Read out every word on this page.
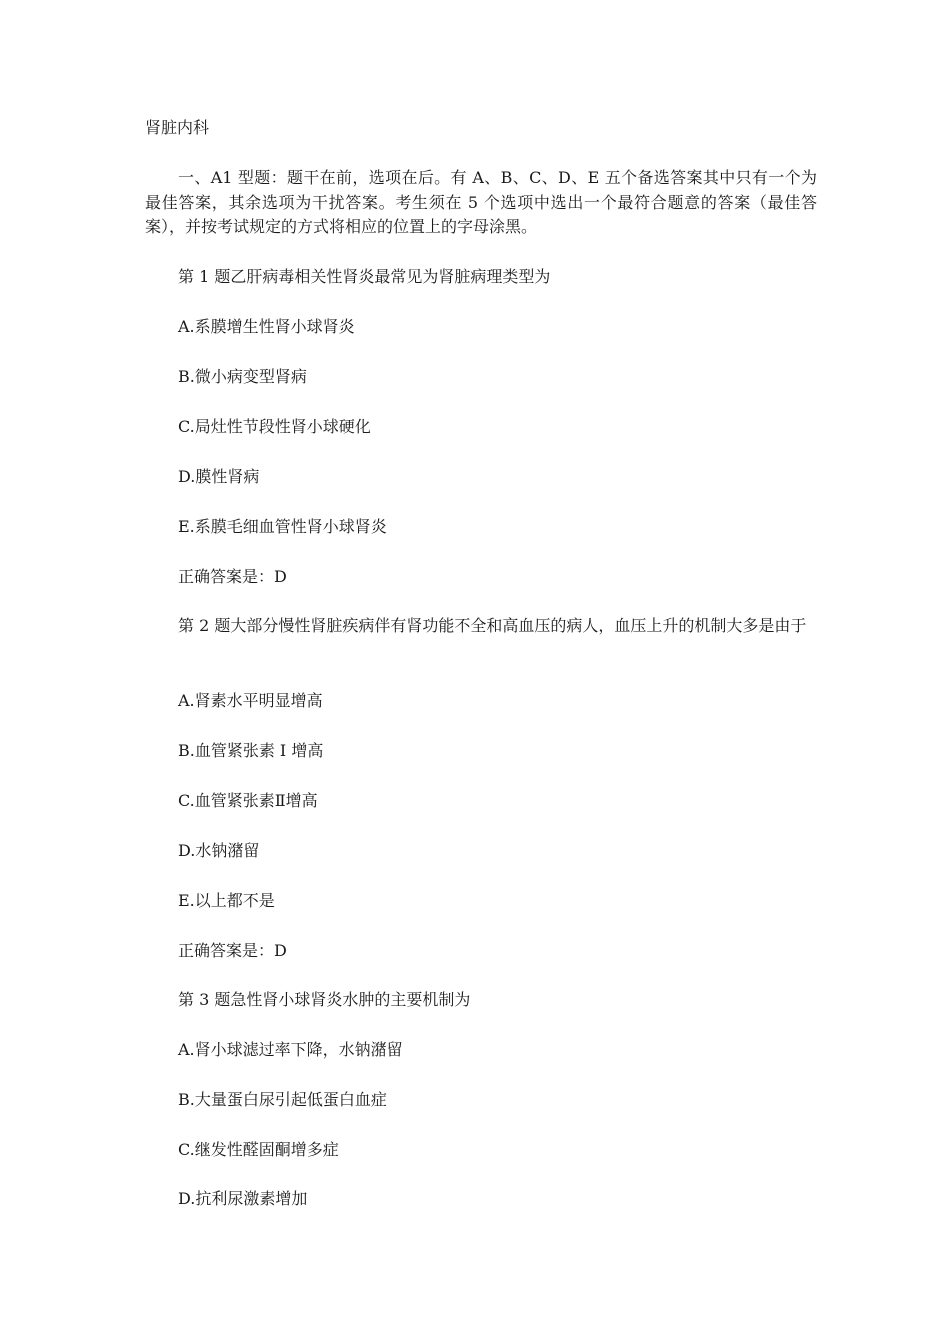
肾脏内科
一、A1 型题：题干在前，选项在后。有 A、B、C、D、E 五个备选答案其中只有一个为最佳答案，其余选项为干扰答案。考生须在 5 个选项中选出一个最符合题意的答案（最佳答案），并按考试规定的方式将相应的位置上的字母涂黑。
第 1 题乙肝病毒相关性肾炎最常见为肾脏病理类型为
A.系膜增生性肾小球肾炎
B.微小病变型肾病
C.局灶性节段性肾小球硬化
D.膜性肾病
E.系膜毛细血管性肾小球肾炎
正确答案是：D
第 2 题大部分慢性肾脏疾病伴有肾功能不全和高血压的病人，血压上升的机制大多是由于
A.肾素水平明显增高
B.血管紧张素 I 增高
C.血管紧张素Ⅱ增高
D.水钠潴留
E.以上都不是
正确答案是：D
第 3 题急性肾小球肾炎水肿的主要机制为
A.肾小球滤过率下降，水钠潴留
B.大量蛋白尿引起低蛋白血症
C.继发性醛固酮增多症
D.抗利尿激素增加
